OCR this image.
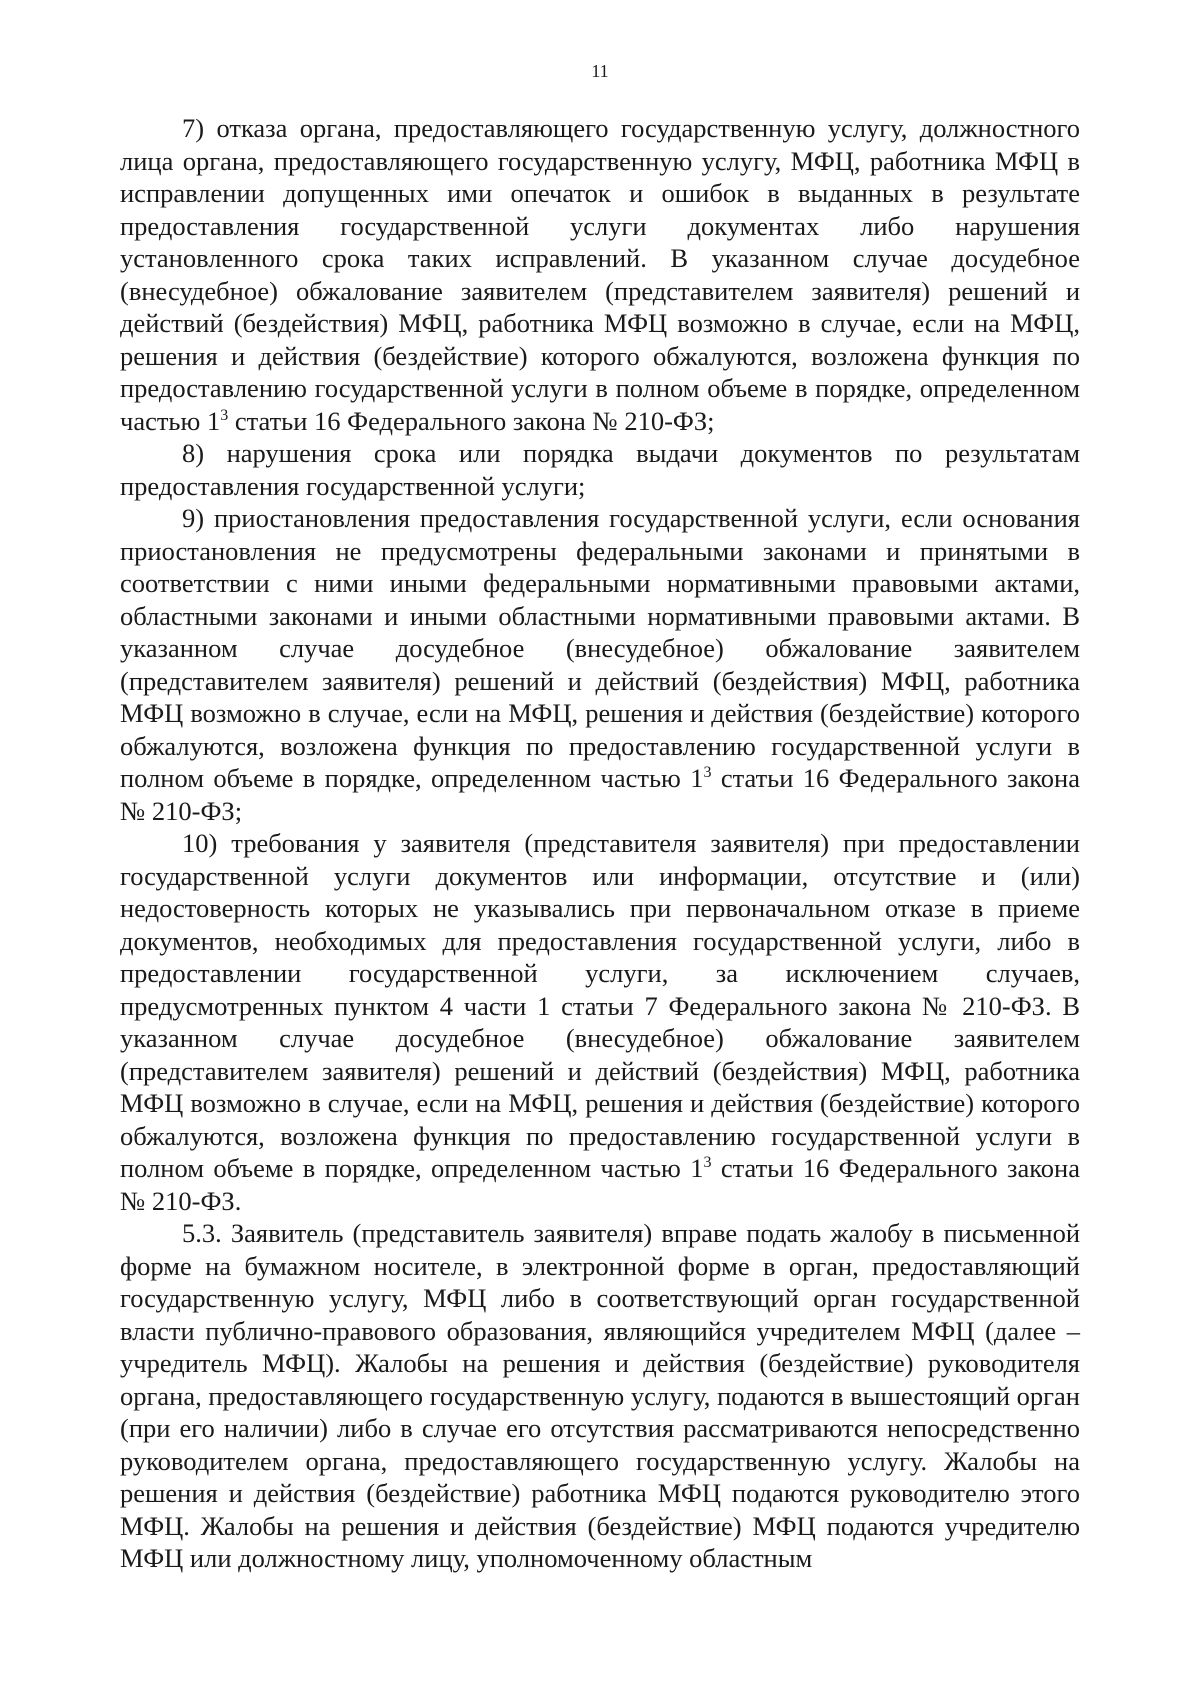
11

7) отказа органа, предоставляющего государственную услугу, должностного лица органа, предоставляющего государственную услугу, МФЦ, работника МФЦ в исправлении допущенных ими опечаток и ошибок в выданных в результате предоставления государственной услуги документах либо нарушения установленного срока таких исправлений. В указанном случае досудебное (внесудебное) обжалование заявителем (представителем заявителя) решений и действий (бездействия) МФЦ, работника МФЦ возможно в случае, если на МФЦ, решения и действия (бездействие) которого обжалуются, возложена функция по предоставлению государственной услуги в полном объеме в порядке, определенном частью $1^3$ статьи 16 Федерального закона № 210-ФЗ;

8) нарушения срока или порядка выдачи документов по результатам предоставления государственной услуги;

9) приостановления предоставления государственной услуги, если основания приостановления не предусмотрены федеральными законами и принятыми в соответствии с ними иными федеральными нормативными правовыми актами, областными законами и иными областными нормативными правовыми актами. В указанном случае досудебное (внесудебное) обжалование заявителем (представителем заявителя) решений и действий (бездействия) МФЦ, работника МФЦ возможно в случае, если на МФЦ, решения и действия (бездействие) которого обжалуются, возложена функция по предоставлению государственной услуги в полном объеме в порядке, определенном частью $1^3$ статьи 16 Федерального закона № 210-ФЗ;

10) требования у заявителя (представителя заявителя) при предоставлении государственной услуги документов или информации, отсутствие и (или) недостоверность которых не указывались при первоначальном отказе в приеме документов, необходимых для предоставления государственной услуги, либо в предоставлении государственной услуги, за исключением случаев, предусмотренных пунктом 4 части 1 статьи 7 Федерального закона № 210-ФЗ. В указанном случае досудебное (внесудебное) обжалование заявителем (представителем заявителя) решений и действий (бездействия) МФЦ, работника МФЦ возможно в случае, если на МФЦ, решения и действия (бездействие) которого обжалуются, возложена функция по предоставлению государственной услуги в полном объеме в порядке, определенном частью $1^3$ статьи 16 Федерального закона № 210-ФЗ.

5.3. Заявитель (представитель заявителя) вправе подать жалобу в письменной форме на бумажном носителе, в электронной форме в орган, предоставляющий государственную услугу, МФЦ либо в соответствующий орган государственной власти публично-правового образования, являющийся учредителем МФЦ (далее – учредитель МФЦ). Жалобы на решения и действия (бездействие) руководителя органа, предоставляющего государственную услугу, подаются в вышестоящий орган (при его наличии) либо в случае его отсутствия рассматриваются непосредственно руководителем органа, предоставляющего государственную услугу. Жалобы на решения и действия (бездействие) работника МФЦ подаются руководителю этого МФЦ. Жалобы на решения и действия (бездействие) МФЦ подаются учредителю МФЦ или должностному лицу, уполномоченному областным
